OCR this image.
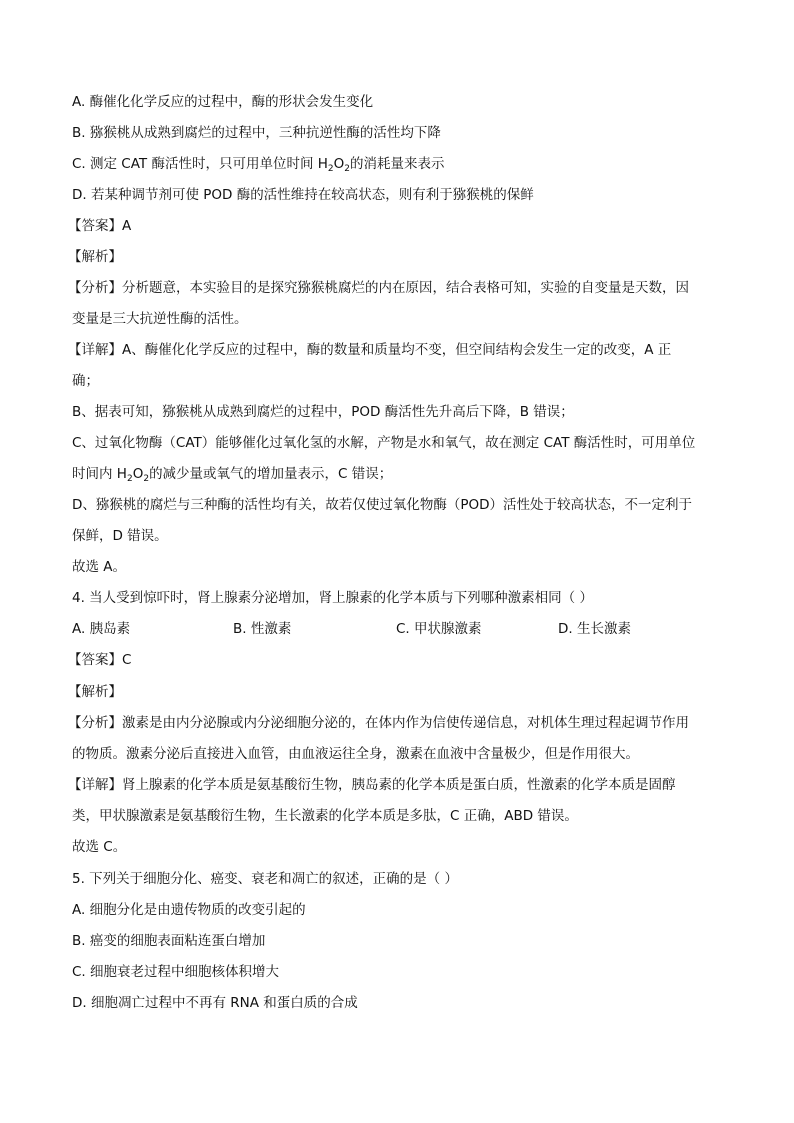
A. 酶催化化学反应的过程中，酶的形状会发生变化
B. 猕猴桃从成熟到腐烂的过程中，三种抗逆性酶的活性均下降
C. 测定 CAT 酶活性时，只可用单位时间 $H_2O_2$的消耗量来表示
D. 若某种调节剂可使 POD 酶的活性维持在较高状态，则有利于猕猴桃的保鲜
【答案】A
【解析】
【分析】分析题意，本实验目的是探究猕猴桃腐烂的内在原因，结合表格可知，实验的自变量是天数，因
变量是三大抗逆性酶的活性。
【详解】A、酶催化化学反应的过程中，酶的数量和质量均不变，但空间结构会发生一定的改变，A 正
确；
B、据表可知，猕猴桃从成熟到腐烂的过程中，POD 酶活性先升高后下降，B 错误；
C、过氧化物酶（CAT）能够催化过氧化氢的水解，产物是水和氧气，故在测定 CAT 酶活性时，可用单位
时间内 $H_2O_2$的减少量或氧气的增加量表示，C 错误；
D、猕猴桃的腐烂与三种酶的活性均有关，故若仅使过氧化物酶（POD）活性处于较高状态，不一定利于
保鲜，D 错误。
故选 A。
4. 当人受到惊吓时，肾上腺素分泌增加，肾上腺素的化学本质与下列哪种激素相同（ ）
A. 胰岛素	B. 性激素	C. 甲状腺激素	D. 生长激素
【答案】C
【解析】
【分析】激素是由内分泌腺或内分泌细胞分泌的，在体内作为信使传递信息，对机体生理过程起调节作用
的物质。激素分泌后直接进入血管，由血液运往全身，激素在血液中含量极少，但是作用很大。
【详解】肾上腺素的化学本质是氨基酸衍生物，胰岛素的化学本质是蛋白质，性激素的化学本质是固醇
类，甲状腺激素是氨基酸衍生物，生长激素的化学本质是多肽，C 正确，ABD 错误。
故选 C。
5. 下列关于细胞分化、癌变、衰老和凋亡的叙述，正确的是（ ）
A. 细胞分化是由遗传物质的改变引起的
B. 癌变的细胞表面粘连蛋白增加
C. 细胞衰老过程中细胞核体积增大
D. 细胞凋亡过程中不再有 RNA 和蛋白质的合成
